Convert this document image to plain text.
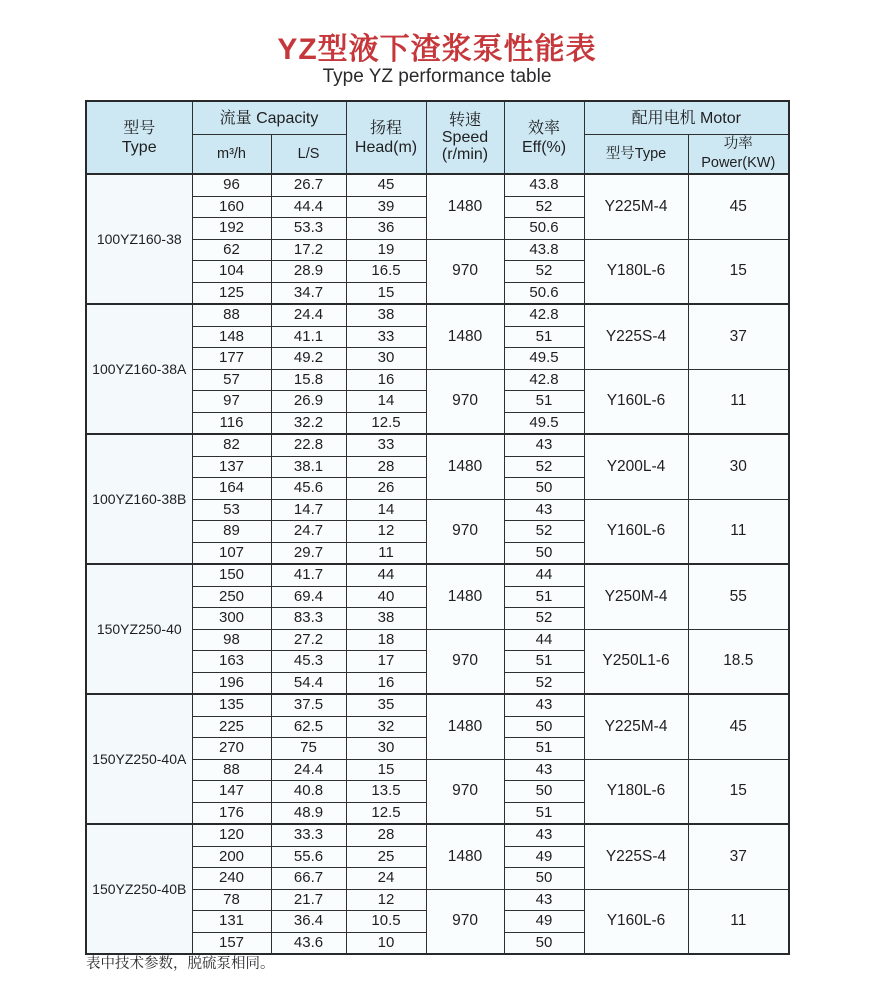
YZ型液下渣浆泵性能表
Type YZ performance table
型号
Type	流量 Capacity		扬程
Head(m)	转速
Speed
(r/min)	效率
Eff(%)	配用电机 Motor	
	m³/h	L/S				型号Type	功率Power(KW)
100YZ160-38	96	26.7	45	1480	43.8	Y225M-4	45
	160	44.4	39		52		
	192	53.3	36		50.6		
	62	17.2	19	970	43.8	Y180L-6	15
	104	28.9	16.5		52		
	125	34.7	15		50.6		
100YZ160-38A	88	24.4	38	1480	42.8	Y225S-4	37
	148	41.1	33		51		
	177	49.2	30		49.5		
	57	15.8	16	970	42.8	Y160L-6	11
	97	26.9	14		51		
	116	32.2	12.5		49.5		
100YZ160-38B	82	22.8	33	1480	43	Y200L-4	30
	137	38.1	28		52		
	164	45.6	26		50		
	53	14.7	14	970	43	Y160L-6	11
	89	24.7	12		52		
	107	29.7	11		50		
150YZ250-40	150	41.7	44	1480	44	Y250M-4	55
	250	69.4	40		51		
	300	83.3	38		52		
	98	27.2	18	970	44	Y250L1-6	18.5
	163	45.3	17		51		
	196	54.4	16		52		
150YZ250-40A	135	37.5	35	1480	43	Y225M-4	45
	225	62.5	32		50		
	270	75	30		51		
	88	24.4	15	970	43	Y180L-6	15
	147	40.8	13.5		50		
	176	48.9	12.5		51		
150YZ250-40B	120	33.3	28	1480	43	Y225S-4	37
	200	55.6	25		49		
	240	66.7	24		50		
	78	21.7	12	970	43	Y160L-6	11
	131	36.4	10.5		49		
	157	43.6	10		50		
表中技术参数，脱硫泵相同。
